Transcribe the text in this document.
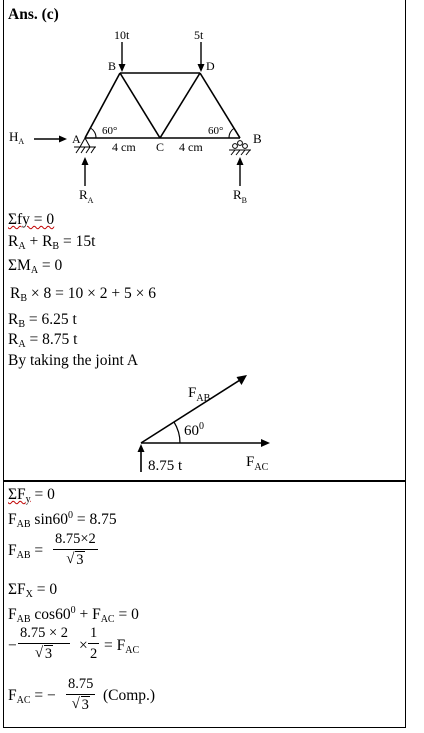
Ans. (c)
10t	5t
B	D
A
C
B
60°	60°
4 cm	4 cm
$H_A$
$R_A$	$R_B$
Σfy = 0
$R_A + R_B = 15t$
$\Sigma M_A = 0$
$R_B \times 8 = 10 \times 2 + 5 \times 6$
$R_B = 6.25$ t
$R_A = 8.75$ t
By taking the joint A
$F_{AB}$
$F_{AC}$
$60^0$
8.75 t
$\Sigma F_y = 0$
$F_{AB}$ $\sin 60^0 = 8.75$
$F_{AB} = 8.75\times 2$
√ 3
$\Sigma F_X = 0$
$F_{AB}$ $\cos 60^0 + F_{AC} = 0$
− 8.75 × 2
√ $3 \times \frac{1}{2} = F_{AC}$
$F_{AC}$ = − 8.75
√ 3 (Comp.)
